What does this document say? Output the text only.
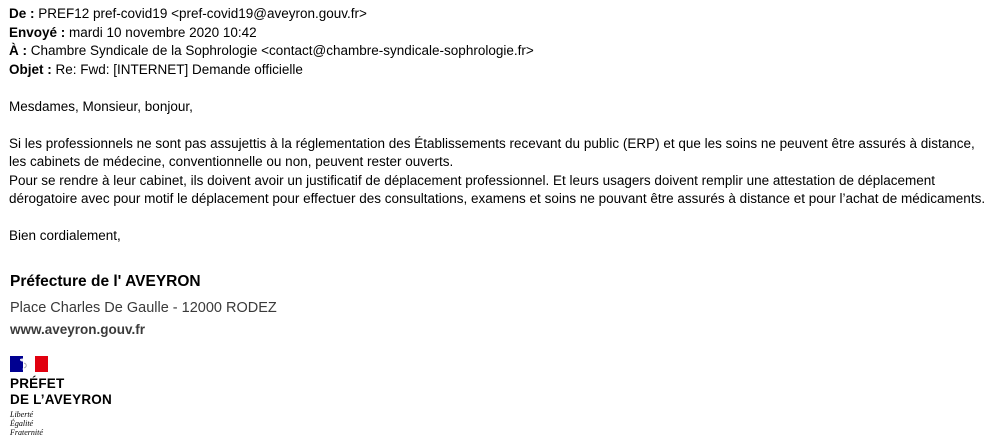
De : PREF12 pref-covid19 <pref-covid19@aveyron.gouv.fr>
Envoyé : mardi 10 novembre 2020 10:42
À : Chambre Syndicale de la Sophrologie <contact@chambre-syndicale-sophrologie.fr>
Objet : Re: Fwd: [INTERNET] Demande officielle

Mesdames, Monsieur, bonjour,

Si les professionnels ne sont pas assujettis à la réglementation des Établissements recevant du public (ERP) et que les soins ne peuvent être assurés à distance, les cabinets de médecine, conventionnelle ou non, peuvent rester ouverts.

Pour se rendre à leur cabinet, ils doivent avoir un justificatif de déplacement professionnel. Et leurs usagers doivent remplir une attestation de déplacement dérogatoire avec pour motif le déplacement pour effectuer des consultations, examens et soins ne pouvant être assurés à distance et pour l’achat de médicaments.

Bien cordialement,

Préfecture de l' AVEYRON
Place Charles De Gaulle - 12000 RODEZ
www.aveyron.gouv.fr
PRÉFET
DE L’AVEYRON
Liberté
Égalité
Fraternité
